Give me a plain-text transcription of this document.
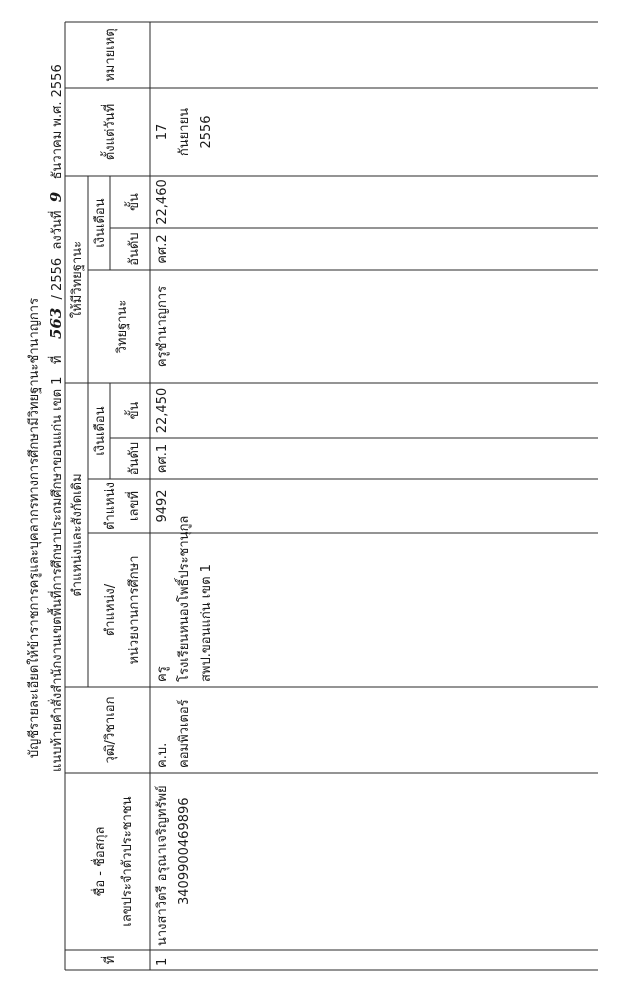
บัญชีรายละเอียดให้ข้าราชการครูและบุคลากรทางการศึกษามีวิทยฐานะชำนาญการ แนบท้ายคำสั่งสำนักงานเขตพื้นที่การศึกษาประถมศึกษาขอนแก่น เขต 1   ที่    563  / 2556  ลงวันที่  9   ธันวาคม พ.ศ. 2556
ที่
ชื่อ - ชื่อสกุล เลขประจำตัวประชาชน
วุฒิ/วิชาเอก
ตำแหน่งและสังกัดเดิม
ตำแหน่ง/ หน่วยงานการศึกษา
ตำแหน่ง เลขที่
เงินเดือน
อันดับ
ขั้น
ให้มีวิทยฐานะ
วิทยฐานะ
เงินเดือน
อันดับ
ขั้น
ตั้งแต่วันที่
หมายเหตุ
1
นางสาวิตรี อรุณาเจริญทรัพย์ 3409900469896
ค.บ. คอมพิวเตอร์
ครู โรงเรียนหนองโพธิ์ประชานุกูล สพป.ขอนแก่น เขต 1
9492
คศ.1
22,450
ครูชำนาญการ
คศ.2
22,460
17 กันยายน 2556
